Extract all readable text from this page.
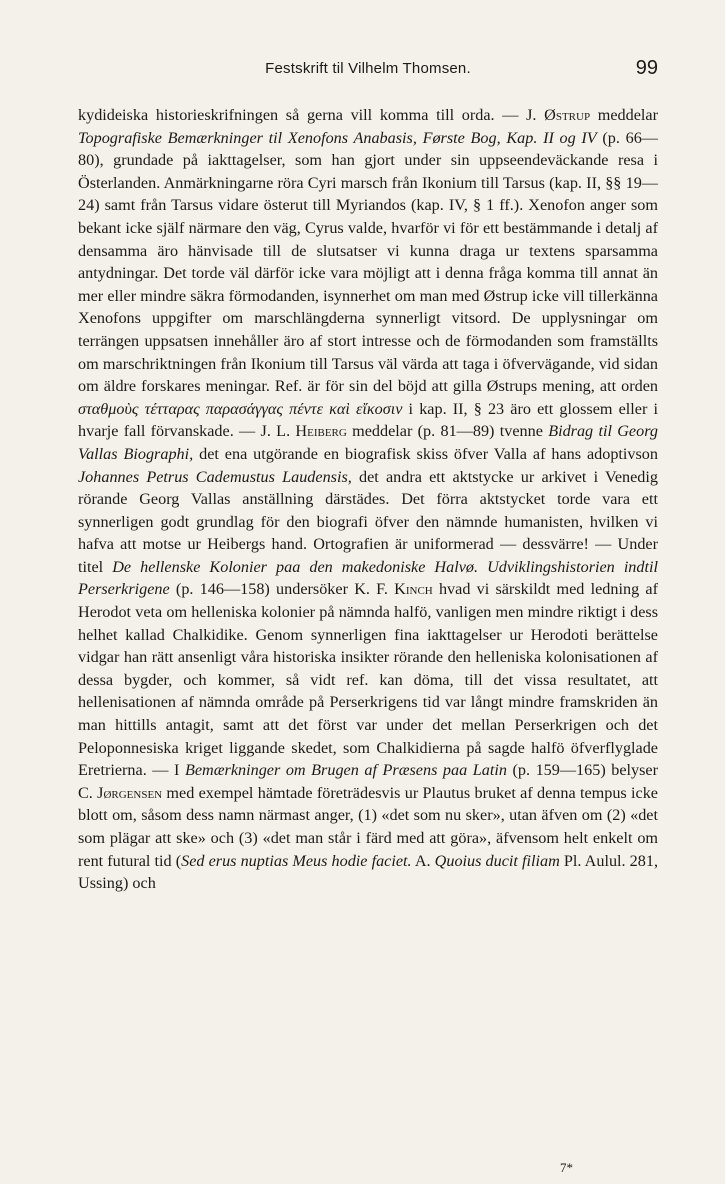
Festskrift til Vilhelm Thomsen.	99

kydideiska historieskrifningen så gerna vill komma till orda. — J. Østrup meddelar Topografiske Bemærkninger til Xenofons Anabasis, Første Bog, Kap. II og IV (p. 66—80), grundade på iakttagelser, som han gjort under sin uppseendeväckande resa i Österlanden. Anmärkningarne röra Cyri marsch från Ikonium till Tarsus (kap. II, §§ 19—24) samt från Tarsus vidare österut till Myriandos (kap. IV, § 1 ff.). Xenofon anger som bekant icke själf närmare den väg, Cyrus valde, hvarför vi för ett bestämmande i detalj af densamma äro hänvisade till de slutsatser vi kunna draga ur textens sparsamma antydningar. Det torde väl därför icke vara möjligt att i denna fråga komma till annat än mer eller mindre säkra förmodanden, isynnerhet om man med Østrup icke vill tillerkänna Xenofons uppgifter om marschlängderna synnerligt vitsord. De upplysningar om terrängen uppsatsen innehåller äro af stort intresse och de förmodanden som framställts om marschriktningen från Ikonium till Tarsus väl värda att taga i öfvervägande, vid sidan om äldre forskares meningar. Ref. är för sin del böjd att gilla Østrups mening, att orden σταθμοὺς τέτταρας παρασάγγας πέντε καὶ εἴκοσιν i kap. II, § 23 äro ett glossem eller i hvarje fall förvanskade. — J. L. Heiberg meddelar (p. 81—89) tvenne Bidrag til Georg Vallas Biographi, det ena utgörande en biografisk skiss öfver Valla af hans adoptivson Johannes Petrus Cademustus Laudensis, det andra ett aktstycke ur arkivet i Venedig rörande Georg Vallas anställning därstädes. Det förra aktstycket torde vara ett synnerligen godt grundlag för den biografi öfver den nämnde humanisten, hvilken vi hafva att motse ur Heibergs hand. Ortografien är uniformerad — dessvärre! — Under titel De hellenske Kolonier paa den makedoniske Halvø. Udviklingshistorien indtil Perserkrigene (p. 146—158) undersöker K. F. Kinch hvad vi särskildt med ledning af Herodot veta om helleniska kolonier på nämnda halfö, vanligen men mindre riktigt i dess helhet kallad Chalkidike. Genom synnerligen fina iakttagelser ur Herodoti berättelse vidgar han rätt ansenligt våra historiska insikter rörande den helleniska kolonisationen af dessa bygder, och kommer, så vidt ref. kan döma, till det vissa resultatet, att hellenisationen af nämnda område på Perserkrigens tid var långt mindre framskriden än man hittills antagit, samt att det först var under det mellan Perserkrigen och det Peloponnesiska kriget liggande skedet, som Chalkidierna på sagde halfö öfverflyglade Eretrierna. — I Bemærkninger om Brugen af Præsens paa Latin (p. 159—165) belyser C. Jørgensen med exempel hämtade företrädesvis ur Plautus bruket af denna tempus icke blott om, såsom dess namn närmast anger, (1) «det som nu sker», utan äfven om (2) «det som plägar att ske» och (3) «det man står i färd med att göra», äfvensom helt enkelt om rent futural tid (Sed erus nuptias Meus hodie faciet. A. Quoius ducit filiam Pl. Aulul. 281, Ussing) och

7*
